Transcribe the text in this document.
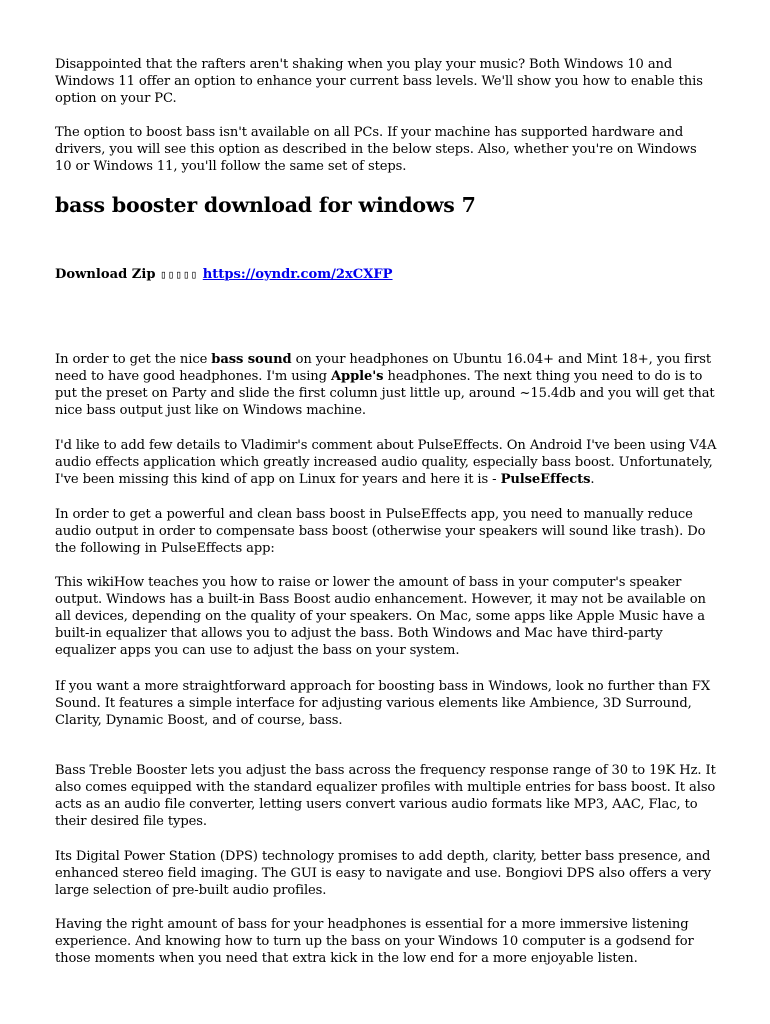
Disappointed that the rafters aren't shaking when you play your music? Both Windows 10 and Windows 11 offer an option to enhance your current bass levels. We'll show you how to enable this option on your PC.

The option to boost bass isn't available on all PCs. If your machine has supported hardware and drivers, you will see this option as described in the below steps. Also, whether you're on Windows 10 or Windows 11, you'll follow the same set of steps.

bass booster download for windows 7
Download Zip ▯▯▯▯▯ https://oyndr.com/2xCXFP

In order to get the nice bass sound on your headphones on Ubuntu 16.04+ and Mint 18+, you first need to have good headphones. I'm using Apple's headphones. The next thing you need to do is to put the preset on Party and slide the first column just little up, around ~15.4db and you will get that nice bass output just like on Windows machine.

I'd like to add few details to Vladimir's comment about PulseEffects. On Android I've been using V4A audio effects application which greatly increased audio quality, especially bass boost. Unfortunately, I've been missing this kind of app on Linux for years and here it is - PulseEffects.

In order to get a powerful and clean bass boost in PulseEffects app, you need to manually reduce audio output in order to compensate bass boost (otherwise your speakers will sound like trash). Do the following in PulseEffects app:

This wikiHow teaches you how to raise or lower the amount of bass in your computer's speaker output. Windows has a built-in Bass Boost audio enhancement. However, it may not be available on all devices, depending on the quality of your speakers. On Mac, some apps like Apple Music have a built-in equalizer that allows you to adjust the bass. Both Windows and Mac have third-party equalizer apps you can use to adjust the bass on your system.

If you want a more straightforward approach for boosting bass in Windows, look no further than FX Sound. It features a simple interface for adjusting various elements like Ambience, 3D Surround, Clarity, Dynamic Boost, and of course, bass.

Bass Treble Booster lets you adjust the bass across the frequency response range of 30 to 19K Hz. It also comes equipped with the standard equalizer profiles with multiple entries for bass boost. It also acts as an audio file converter, letting users convert various audio formats like MP3, AAC, Flac, to their desired file types.

Its Digital Power Station (DPS) technology promises to add depth, clarity, better bass presence, and enhanced stereo field imaging. The GUI is easy to navigate and use. Bongiovi DPS also offers a very large selection of pre-built audio profiles.

Having the right amount of bass for your headphones is essential for a more immersive listening experience. And knowing how to turn up the bass on your Windows 10 computer is a godsend for those moments when you need that extra kick in the low end for a more enjoyable listen.
